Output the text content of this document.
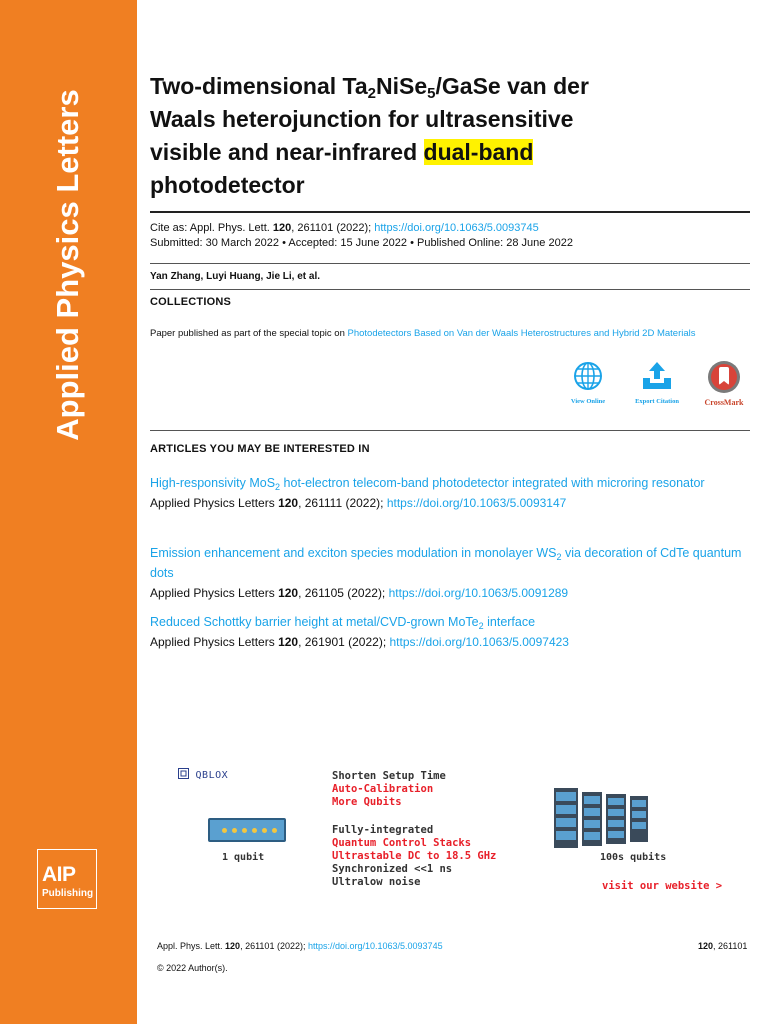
Applied Physics Letters
AIP
Publishing
Two-dimensional $Ta_2NiSe_5$/GaSe van der
Waals heterojunction for ultrasensitive
visible and near-infrared dual-band
photodetector
Cite as: Appl. Phys. Lett. 120, 261101 (2022); https://doi.org/10.1063/5.0093745
Submitted: 30 March 2022 • Accepted: 15 June 2022 • Published Online: 28 June 2022
Yan Zhang, Luyi Huang, Jie Li, et al.
COLLECTIONS
Paper published as part of the special topic on Photodetectors Based on Van der Waals Heterostructures and Hybrid 2D Materials
View Online	Export Citation	CrossMark
ARTICLES YOU MAY BE INTERESTED IN
High-responsivity MoS$_2$ hot-electron telecom-band photodetector integrated with microring resonator
Applied Physics Letters 120, 261111 (2022); https://doi.org/10.1063/5.0093147
Emission enhancement and exciton species modulation in monolayer $WS_2$ via decoration of CdTe quantum dots
Applied Physics Letters 120, 261105 (2022); https://doi.org/10.1063/5.0091289
Reduced Schottky barrier height at metal/CVD-grown MoTe$_2$ interface
Applied Physics Letters 120, 261901 (2022); https://doi.org/10.1063/5.0097423
Appl. Phys. Lett. 120, 261101 (2022); https://doi.org/10.1063/5.0093745	120, 261101
© 2022 Author(s).
QBLOX	Shorten Setup Time
Auto-Calibration
More Qubits
Fully-integrated
Quantum Control Stacks
Ultrastable DC to 18.5 GHz
Synchronized <<1 ns
Ultralow noise
1 qubit	100s qubits
visit our website >
